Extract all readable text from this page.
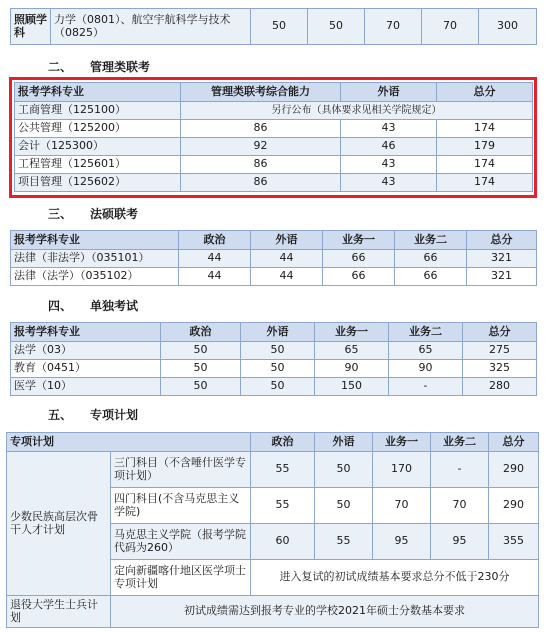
照顾学科	力学（0801）、航空宇航科学与技术（0825）	50	50	70	70	300
二、 管理类联考
报考学科专业	管理类联考综合能力	外语	总分
工商管理（125100）	另行公布（具体要求见相关学院规定）		
公共管理（125200）	86	43	174
会计（125300）	92	46	179
工程管理（125601）	86	43	174
项目管理（125602）	86	43	174
三、 法硕联考
报考学科专业	政治	外语	业务一	业务二	总分
法律（非法学）（035101）	44	44	66	66	321
法律（法学）（035102）	44	44	66	66	321
四、 单独考试
报考学科专业	政治	外语	业务一	业务二	总分
法学（03）	50	50	65	65	275
教育（0451）	50	50	90	90	325
医学（10）	50	50	150	-	280
五、 专项计划
专项计划		政治	外语	业务一	业务二	总分
少数民族高层次骨干人才计划	三门科目（不含唾什医学专项计划）	55	50	170	-	290
	四门科目(不含马克思主义学院)	55	50	70	70	290
	马克思主义学院（报考学院代码为260）	60	55	95	95	355
	定向新疆喀什地区医学项士专项计划	进入复试的初试成绩基本要求总分不低于230分				
退役大学生士兵计划	初试成绩需达到报考专业的学校2021年硕士分数基本要求					
